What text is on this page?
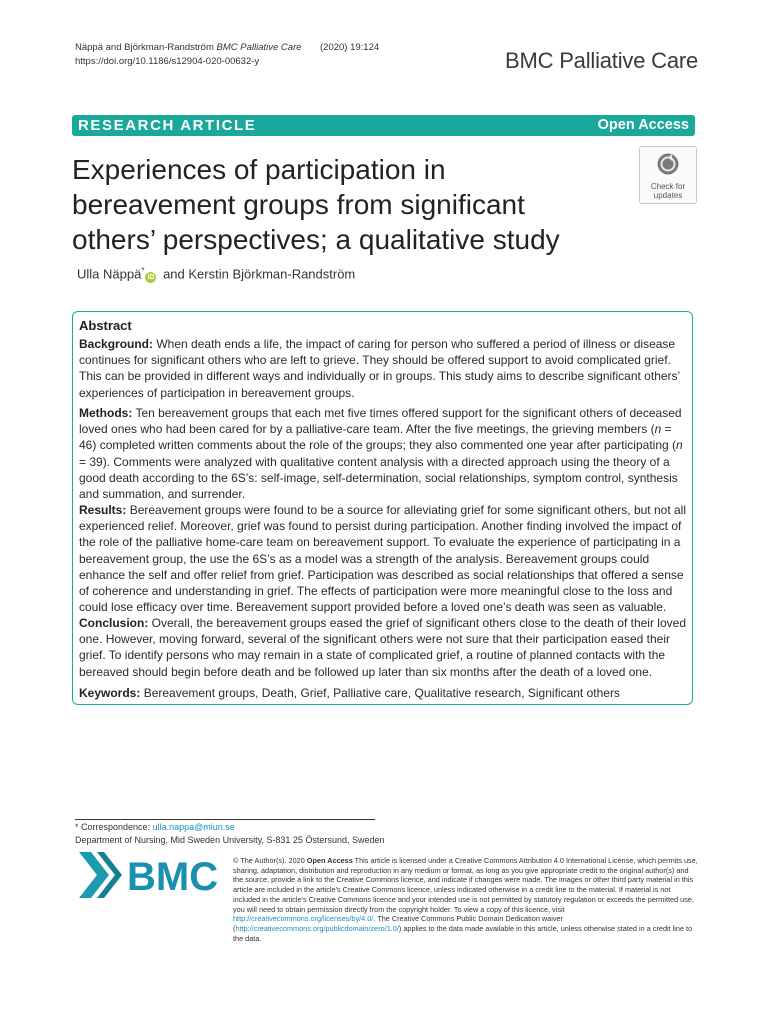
Näppä and Björkman-Randström BMC Palliative Care (2020) 19:124
https://doi.org/10.1186/s12904-020-00632-y	BMC Palliative Care
RESEARCH ARTICLE	Open Access
Experiences of participation in bereavement groups from significant others’ perspectives; a qualitative study
Check for
updates
Ulla Näppä*iD and Kerstin Björkman-Randström
Abstract
Background: When death ends a life, the impact of caring for person who suffered a period of illness or disease continues for significant others who are left to grieve. They should be offered support to avoid complicated grief. This can be provided in different ways and individually or in groups. This study aims to describe significant others’ experiences of participation in bereavement groups.
Methods: Ten bereavement groups that each met five times offered support for the significant others of deceased loved ones who had been cared for by a palliative-care team. After the five meetings, the grieving members (n = 46) completed written comments about the role of the groups; they also commented one year after participating (n = 39). Comments were analyzed with qualitative content analysis with a directed approach using the theory of a good death according to the 6S’s: self-image, self-determination, social relationships, symptom control, synthesis and summation, and surrender.
Results: Bereavement groups were found to be a source for alleviating grief for some significant others, but not all experienced relief. Moreover, grief was found to persist during participation. Another finding involved the impact of the role of the palliative home-care team on bereavement support. To evaluate the experience of participating in a bereavement group, the use the 6S’s as a model was a strength of the analysis. Bereavement groups could enhance the self and offer relief from grief. Participation was described as social relationships that offered a sense of coherence and understanding in grief. The effects of participation were more meaningful close to the loss and could lose efficacy over time. Bereavement support provided before a loved one’s death was seen as valuable.
Conclusion: Overall, the bereavement groups eased the grief of significant others close to the death of their loved one. However, moving forward, several of the significant others were not sure that their participation eased their grief. To identify persons who may remain in a state of complicated grief, a routine of planned contacts with the bereaved should begin before death and be followed up later than six months after the death of a loved one.
Keywords: Bereavement groups, Death, Grief, Palliative care, Qualitative research, Significant others
* Correspondence: ulla.nappa@miun.se
Department of Nursing, Mid Sweden University, S-831 25 Östersund, Sweden
BMC © The Author(s). 2020 Open Access This article is licensed under a Creative Commons Attribution 4.0 International License, which permits use, sharing, adaptation, distribution and reproduction in any medium or format, as long as you give appropriate credit to the original author(s) and the source, provide a link to the Creative Commons licence, and indicate if changes were made. The images or other third party material in this article are included in the article's Creative Commons licence, unless indicated otherwise in a credit line to the material. If material is not included in the article's Creative Commons licence and your intended use is not permitted by statutory regulation or exceeds the permitted use, you will need to obtain permission directly from the copyright holder. To view a copy of this licence, visit http://creativecommons.org/licenses/by/4.0/. The Creative Commons Public Domain Dedication waiver (http://creativecommons.org/publicdomain/zero/1.0/) applies to the data made available in this article, unless otherwise stated in a credit line to the data.
